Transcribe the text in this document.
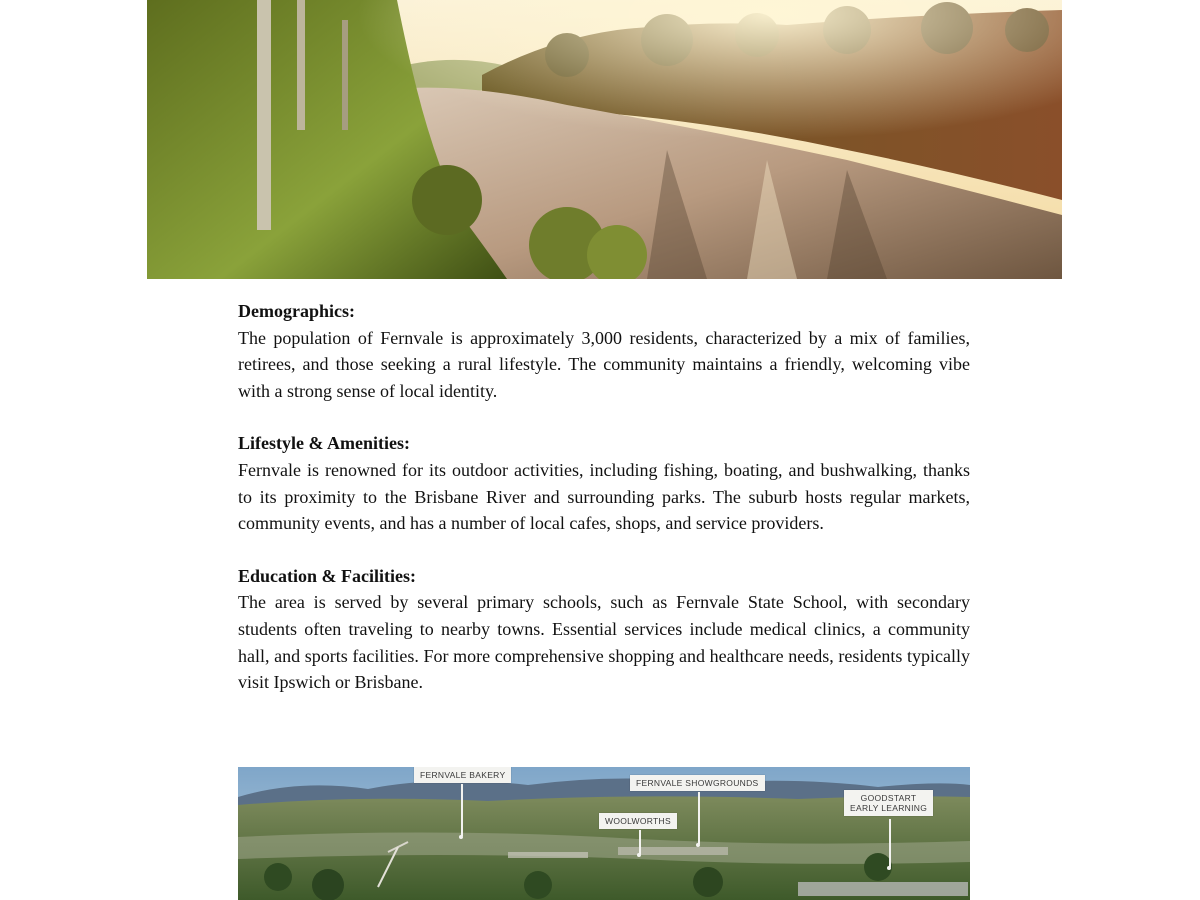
Demographics:

The population of Fernvale is approximately 3,000 residents, characterized by a mix of families, retirees, and those seeking a rural lifestyle. The community maintains a friendly, welcoming vibe with a strong sense of local identity.

Lifestyle & Amenities:

Fernvale is renowned for its outdoor activities, including fishing, boating, and bushwalking, thanks to its proximity to the Brisbane River and surrounding parks. The suburb hosts regular markets, community events, and has a number of local cafes, shops, and service providers.

Education & Facilities:

The area is served by several primary schools, such as Fernvale State School, with secondary students often traveling to nearby towns. Essential services include medical clinics, a community hall, and sports facilities. For more comprehensive shopping and healthcare needs, residents typically visit Ipswich or Brisbane.

FERNVALE BAKERY
FERNVALE SHOWGROUNDS
WOOLWORTHS
GOODSTART
EARLY LEARNING
